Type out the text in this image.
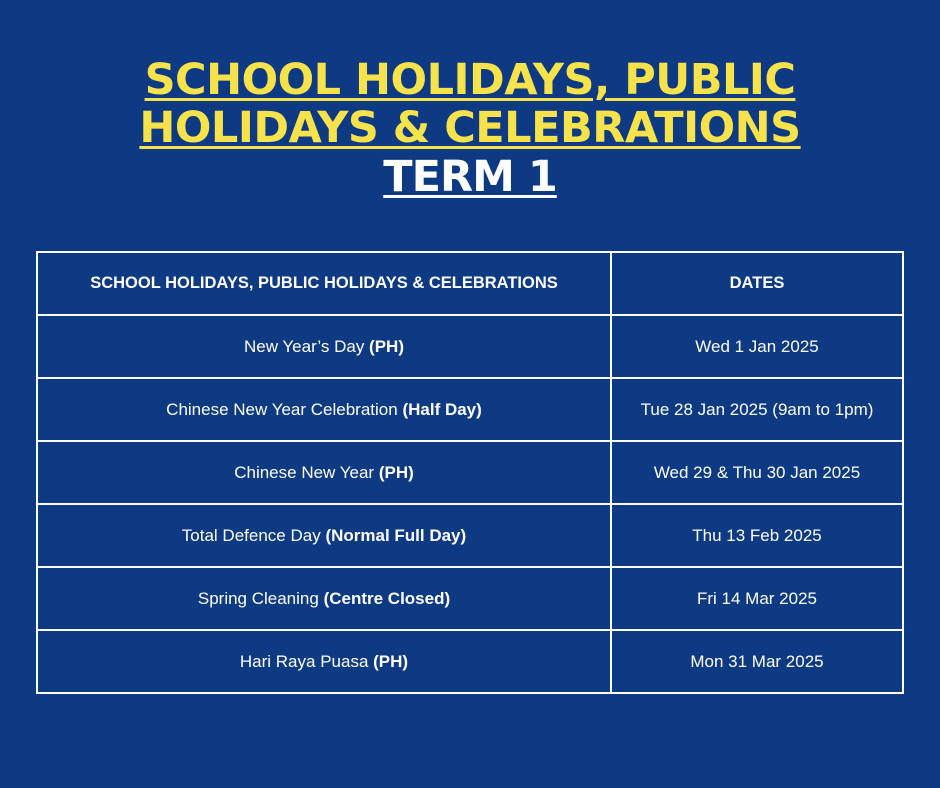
SCHOOL HOLIDAYS, PUBLIC
HOLIDAYS & CELEBRATIONS
TERM 1
SCHOOL HOLIDAYS, PUBLIC HOLIDAYS & CELEBRATIONS	DATES
New Year’s Day (PH)	Wed 1 Jan 2025
Chinese New Year Celebration (Half Day)	Tue 28 Jan 2025 (9am to 1pm)
Chinese New Year (PH)	Wed 29 & Thu 30 Jan 2025
Total Defence Day (Normal Full Day)	Thu 13 Feb 2025
Spring Cleaning (Centre Closed)	Fri 14 Mar 2025
Hari Raya Puasa (PH)	Mon 31 Mar 2025
